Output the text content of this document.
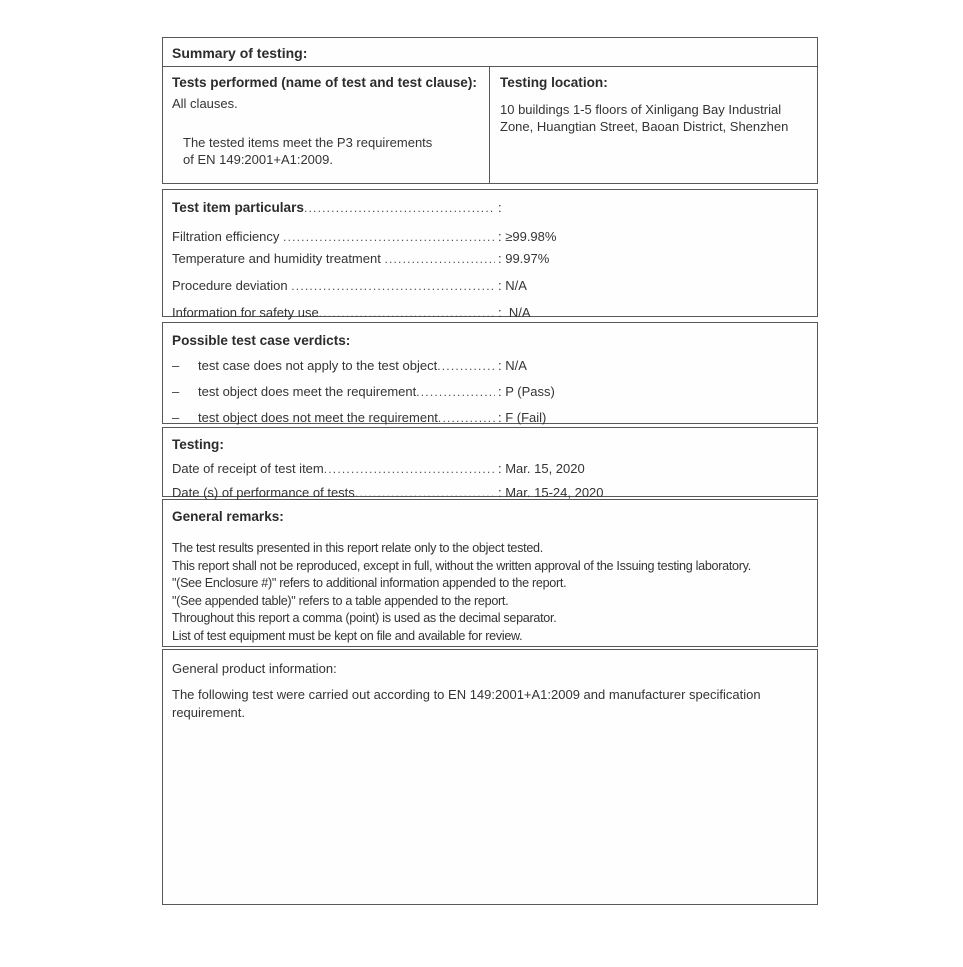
Summary of testing:
Tests performed (name of test and test clause):
All clauses.
The tested items meet the P3 requirements
of EN 149:2001+A1:2009.
Testing location:
10 buildings 1-5 floors of Xinligang Bay Industrial Zone, Huangtian Street, Baoan District, Shenzhen
Test item particulars .....	:
Filtration efficiency .....	: ≥99.98%
Temperature and humidity treatment .....	: 99.97%
Procedure deviation .....	: N/A
Information for safety use .....	:  N/A
Possible test case verdicts:
–	test case does not apply to the test object .....	: N/A
–	test object does meet the requirement .....	: P (Pass)
–	test object does not meet the requirement .....	: F (Fail)
Testing:
Date of receipt of test item .....	: Mar. 15, 2020
Date (s) of performance of tests .....	: Mar. 15-24, 2020
General remarks:
The test results presented in this report relate only to the object tested.
This report shall not be reproduced, except in full, without the written approval of the Issuing testing laboratory.
"(See Enclosure #)" refers to additional information appended to the report.
"(See appended table)" refers to a table appended to the report.
Throughout this report a comma (point) is used as the decimal separator.
List of test equipment must be kept on file and available for review.
General product information:
The following test were carried out according to EN 149:2001+A1:2009 and manufacturer specification requirement.
